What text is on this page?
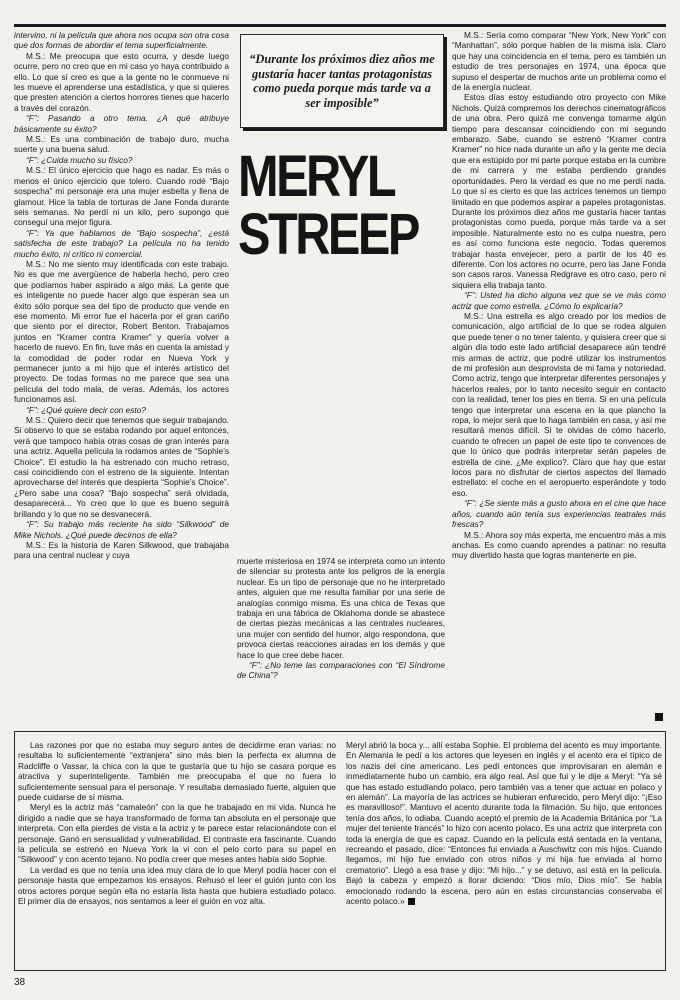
intervino, ni la película que ahora nos ocupa son otra cosa que dos formas de abordar el tema superficialmente.

M.S.: Me preocupa que esto ocurra, y desde luego ocurre, pero no creo que en mi caso yo haya contribuido a ello. Lo que sí creo es que a la gente no le conmueve ni les mueve el aprenderse una estadística, y que si quieres que presten atención a ciertos horrores tienes que hacerlo a través del corazón.

“F”: Pasando a otro tema. ¿A qué atribuye básicamente su éxito?

M.S.: Es una combinación de trabajo duro, mucha suerte y una buena salud.

“F”: ¿Cuida mucho su físico?

M.S.: El único ejercicio que hago es nadar. Es más o menos el único ejercicio que tolero. Cuando rodé “Bajo sospecha” mi personaje era una mujer esbelta y llena de glamour. Hice la tabla de torturas de Jane Fonda durante seis semanas. No perdí ni un kilo, pero supongo que conseguí una mejor figura.

“F”: Ya que hablamos de “Bajo sospecha”, ¿está satisfecha de este trabajo? La película no ha tenido mucho éxito, ni crítico ni comercial.

M.S.: No me siento muy identificada con este trabajo. No es que me avergüence de haberla hecho, pero creo que podíamos haber aspirado a algo más. La gente que es inteligente no puede hacer algo que esperan sea un éxito sólo porque sea del tipo de producto que vende en ese momento. Mi error fue el hacerla por el gran cariño que siento por el director, Robert Benton. Trabajamos juntos en “Kramer contra Kramer” y quería volver a hacerlo de nuevo. En fin, tuve más en cuenta la amistad y la comodidad de poder rodar en Nueva York y permanecer junto a mi hijo que el interés artístico del proyecto. De todas formas no me parece que sea una película del todo mala, de veras. Además, los actores funcionamos así.

“F”: ¿Qué quiere decir con esto?

M.S.: Quiero decir que tenemos que seguir trabajando. Si observo lo que se estaba rodando por aquel entonces, verá que tampoco había otras cosas de gran interés para una actriz. Aquella película la rodamos antes de “Sophie’s Choice”. El estudio la ha estrenado con mucho retraso, casi coincidiendo con el estreno de la siguiente. Intentan aprovecharse del interés que despierta “Sophie’s Choice”. ¿Pero sabe una cosa? “Bajo sospecha” será olvidada, desaparecerá... Yo creo que lo que es bueno seguirá brillando y lo que no se desvanecerá.

“F”: Su trabajo más reciente ha sido “Silkwood” de Mike Nichols. ¿Qué puede decirnos de ella?

M.S.: Es la historia de Karen Silkwood, que trabajaba para una central nuclear y cuya

“Durante los próximos diez años me gustaría hacer tantas protagonistas como pueda porque más tarde va a ser imposible”
MERYL
STREEP

muerte misteriosa en 1974 se interpreta como un intento de silenciar su protesta ante los peligros de la energía nuclear. Es un tipo de personaje que no he interpretado antes, alguien que me resulta familiar por una serie de analogías conmigo misma. Es una chica de Texas que trabaja en una fábrica de Oklahoma donde se abastece de ciertas piezas mecánicas a las centrales nucleares, una mujer con sentido del humor, algo respondona, que provoca ciertas reacciones airadas en los demás y que hace lo que cree debe hacer.

“F”: ¿No teme las comparaciones con “El Síndrome de China”?

M.S.: Sería como comparar “New York, New York” con “Manhattan”, sólo porque hablen de la misma isla. Claro que hay una coincidencia en el tema, pero es también un estudio de tres personajes en 1974, una época que supuso el despertar de muchos ante un problema como el de la energía nuclear.

Estos días estoy estudiando otro proyecto con Mike Nichols. Quizá compremos los derechos cinematográficos de una obra. Pero quizá me convenga tomarme algún tiempo para descansar coincidiendo con mi segundo embarazo. Sabe, cuando se estrenó “Kramer contra Kramer” no hice nada durante un año y la gente me decía que era estúpido por mi parte porque estaba en la cumbre de mi carrera y me estaba perdiendo grandes oportunidades. Pero la verdad es que no me perdí nada. Lo que sí es cierto es que las actrices tenemos un tiempo limitado en que podemos aspirar a papeles protagonistas. Durante los próximos diez años me gustaría hacer tantas protagonistas como pueda, porque más tarde va a ser imposible. Naturalmente esto no es culpa nuestra, pero es así como funciona este negocio. Todas queremos trabajar hasta envejecer, pero a partir de los 40 es diferente. Con los actores no ocurre, pero las Jane Fonda son casos raros. Vanessa Redgrave es otro caso, pero ni siquiera ella trabaja tanto.

“F”: Usted ha dicho alguna vez que se ve más como actriz que como estrella. ¿Cómo lo explicaría?

M.S.: Una estrella es algo creado por los medios de comunicación, algo artificial de lo que se rodea alguien que puede tener o no tener talento, y quisiera creer que si algún día todo este lado artificial desaparece aún tendré mis armas de actriz, que podré utilizar los instrumentos de mi profesión aun desprovista de mi fama y notoriedad. Como actriz, tengo que interpretar diferentes personajes y hacerlos reales, por lo tanto necesito seguir en contacto con la realidad, tener los pies en tierra. Si en una película tengo que interpretar una escena en la que plancho la ropa, lo mejor será que lo haga también en casa, y así me resultará menos difícil. Si te olvidas de cómo hacerlo, cuando te ofrecen un papel de este tipo te convences de que lo único que podrás interpretar serán papeles de estrella de cine. ¿Me explico?. Claro que hay que estar locos para no disfrutar de ciertos aspectos del llamado estrellato: el coche en el aeropuerto esperándote y todo eso.

“F”: ¿Se siente más a gusto ahora en el cine que hace años, cuando aún tenía sus experiencias teatrales más frescas?

M.S.: Ahora soy más experta, me encuentro más a mis anchas. Es como cuando aprendes a patinar: no resulta muy divertido hasta que logras mantenerte en pie.

Las razones por que no estaba muy seguro antes de decidirme eran varias: no resultaba lo suficientemente “extranjera” sino más bien la perfecta ex alumna de Radcliffe o Vassar, la chica con la que te gustaría que tu hijo se casara porque es atractiva y superinteligente. También me preocupaba el que no fuera lo suficientemente sensual para el personaje. Y resultaba demasiado fuerte, alguien que puede cuidarse de sí misma.

Meryl es la actriz más “camaleón” con la que he trabajado en mi vida. Nunca he dirigido a nadie que se haya transformado de forma tan absoluta en el personaje que interpreta. Con ella pierdes de vista a la actriz y te parece estar relacionándote con el personaje. Ganó en sensualidad y vulnerabilidad. El contraste era fascinante. Cuando la película se estrenó en Nueva York la vi con el pelo corto para su papel en “Silkwood” y con acento tejano. No podía creer que meses antes había sido Sophie.

La verdad es que no tenía una idea muy clara de lo que Meryl podía hacer con el personaje hasta que empezamos los ensayos. Rehusó el leer el guión junto con los otros actores porque según ella no estaría lista hasta que hubiera estudiado polaco. El primer día de ensayos, nos sentamos a leer el guión en voz alta.

Meryl abrió la boca y... allí estaba Sophie. El problema del acento es muy importante. En Alemania le pedí a los actores que leyesen en inglés y el acento era el típico de los nazis del cine americano. Les pedí entonces que improvisaran en alemán e inmediatamente hubo un cambio, era algo real. Así que fui y le dije a Meryl: “Ya sé que has estado estudiando polaco, pero también vas a tener que actuar en polaco y en alemán”. La mayoría de las actrices se hubieran enfurecido, pero Meryl dijo: “¡Eso es maravilloso!”. Mantuvo el acento durante toda la filmación. Su hijo, que entonces tenía dos años, lo odiaba. Cuando aceptó el premio de la Academia Británica por “La mujer del teniente francés” lo hizo con acento polaco. Es una actriz que interpreta con toda la energía de que es capaz. Cuando en la película está sentada en la ventana, recreando el pasado, dice: “Entonces fui enviada a Auschwitz con mis hijos. Cuando llegamos, mi hijo fue enviado con otros niños y mi hija fue enviada al horno crematorio”. Llegó a esa frase y dijo: “Mi hijo...” y se detuvo, así está en la película. Bajó la cabeza y empezó a llorar diciendo: “Dios mío, Dios mío”. Se había emocionado rodando la escena, pero aún en estas circunstancias conservaba el acento polaco.»

38
